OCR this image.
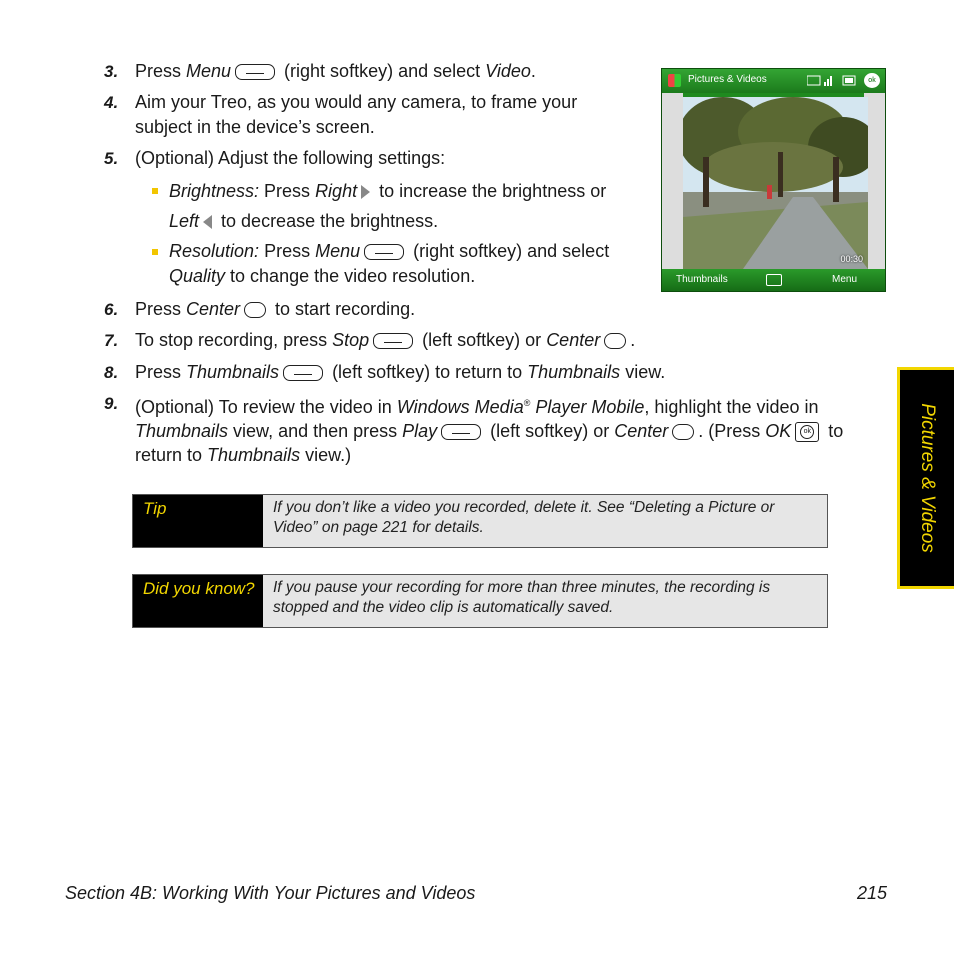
3. Press Menu	(right softkey) and select Video.
4. Aim your Treo, as you would any camera, to frame your
subject in the device’s screen.
5. (Optional) Adjust the following settings:
Brightness: Press Right to increase the brightness or
Left to decrease the brightness.
Resolution: Press Menu	(right softkey) and select
Quality to change the video resolution.
6. Press Center to start recording.
7. To stop recording, press Stop	(left softkey) or Center .
8. Press Thumbnails	(left softkey) to return to Thumbnails view.
9. (Optional) To review the video in Windows Media® Player Mobile, highlight the video in
Thumbnails view, and then press Play	(left softkey) or Center . (Press OK	ok to
return to Thumbnails view.)
Pictures & Videos	ok
00:30
Thumbnails	Menu
Tip	If you don’t like a video you recorded, delete it. See “Deleting a Picture or Video” on page 221 for details.
Did you know?	If you pause your recording for more than three minutes, the recording is stopped and the video clip is automatically saved.
Pictures & Videos
Section 4B: Working With Your Pictures and Videos	215
